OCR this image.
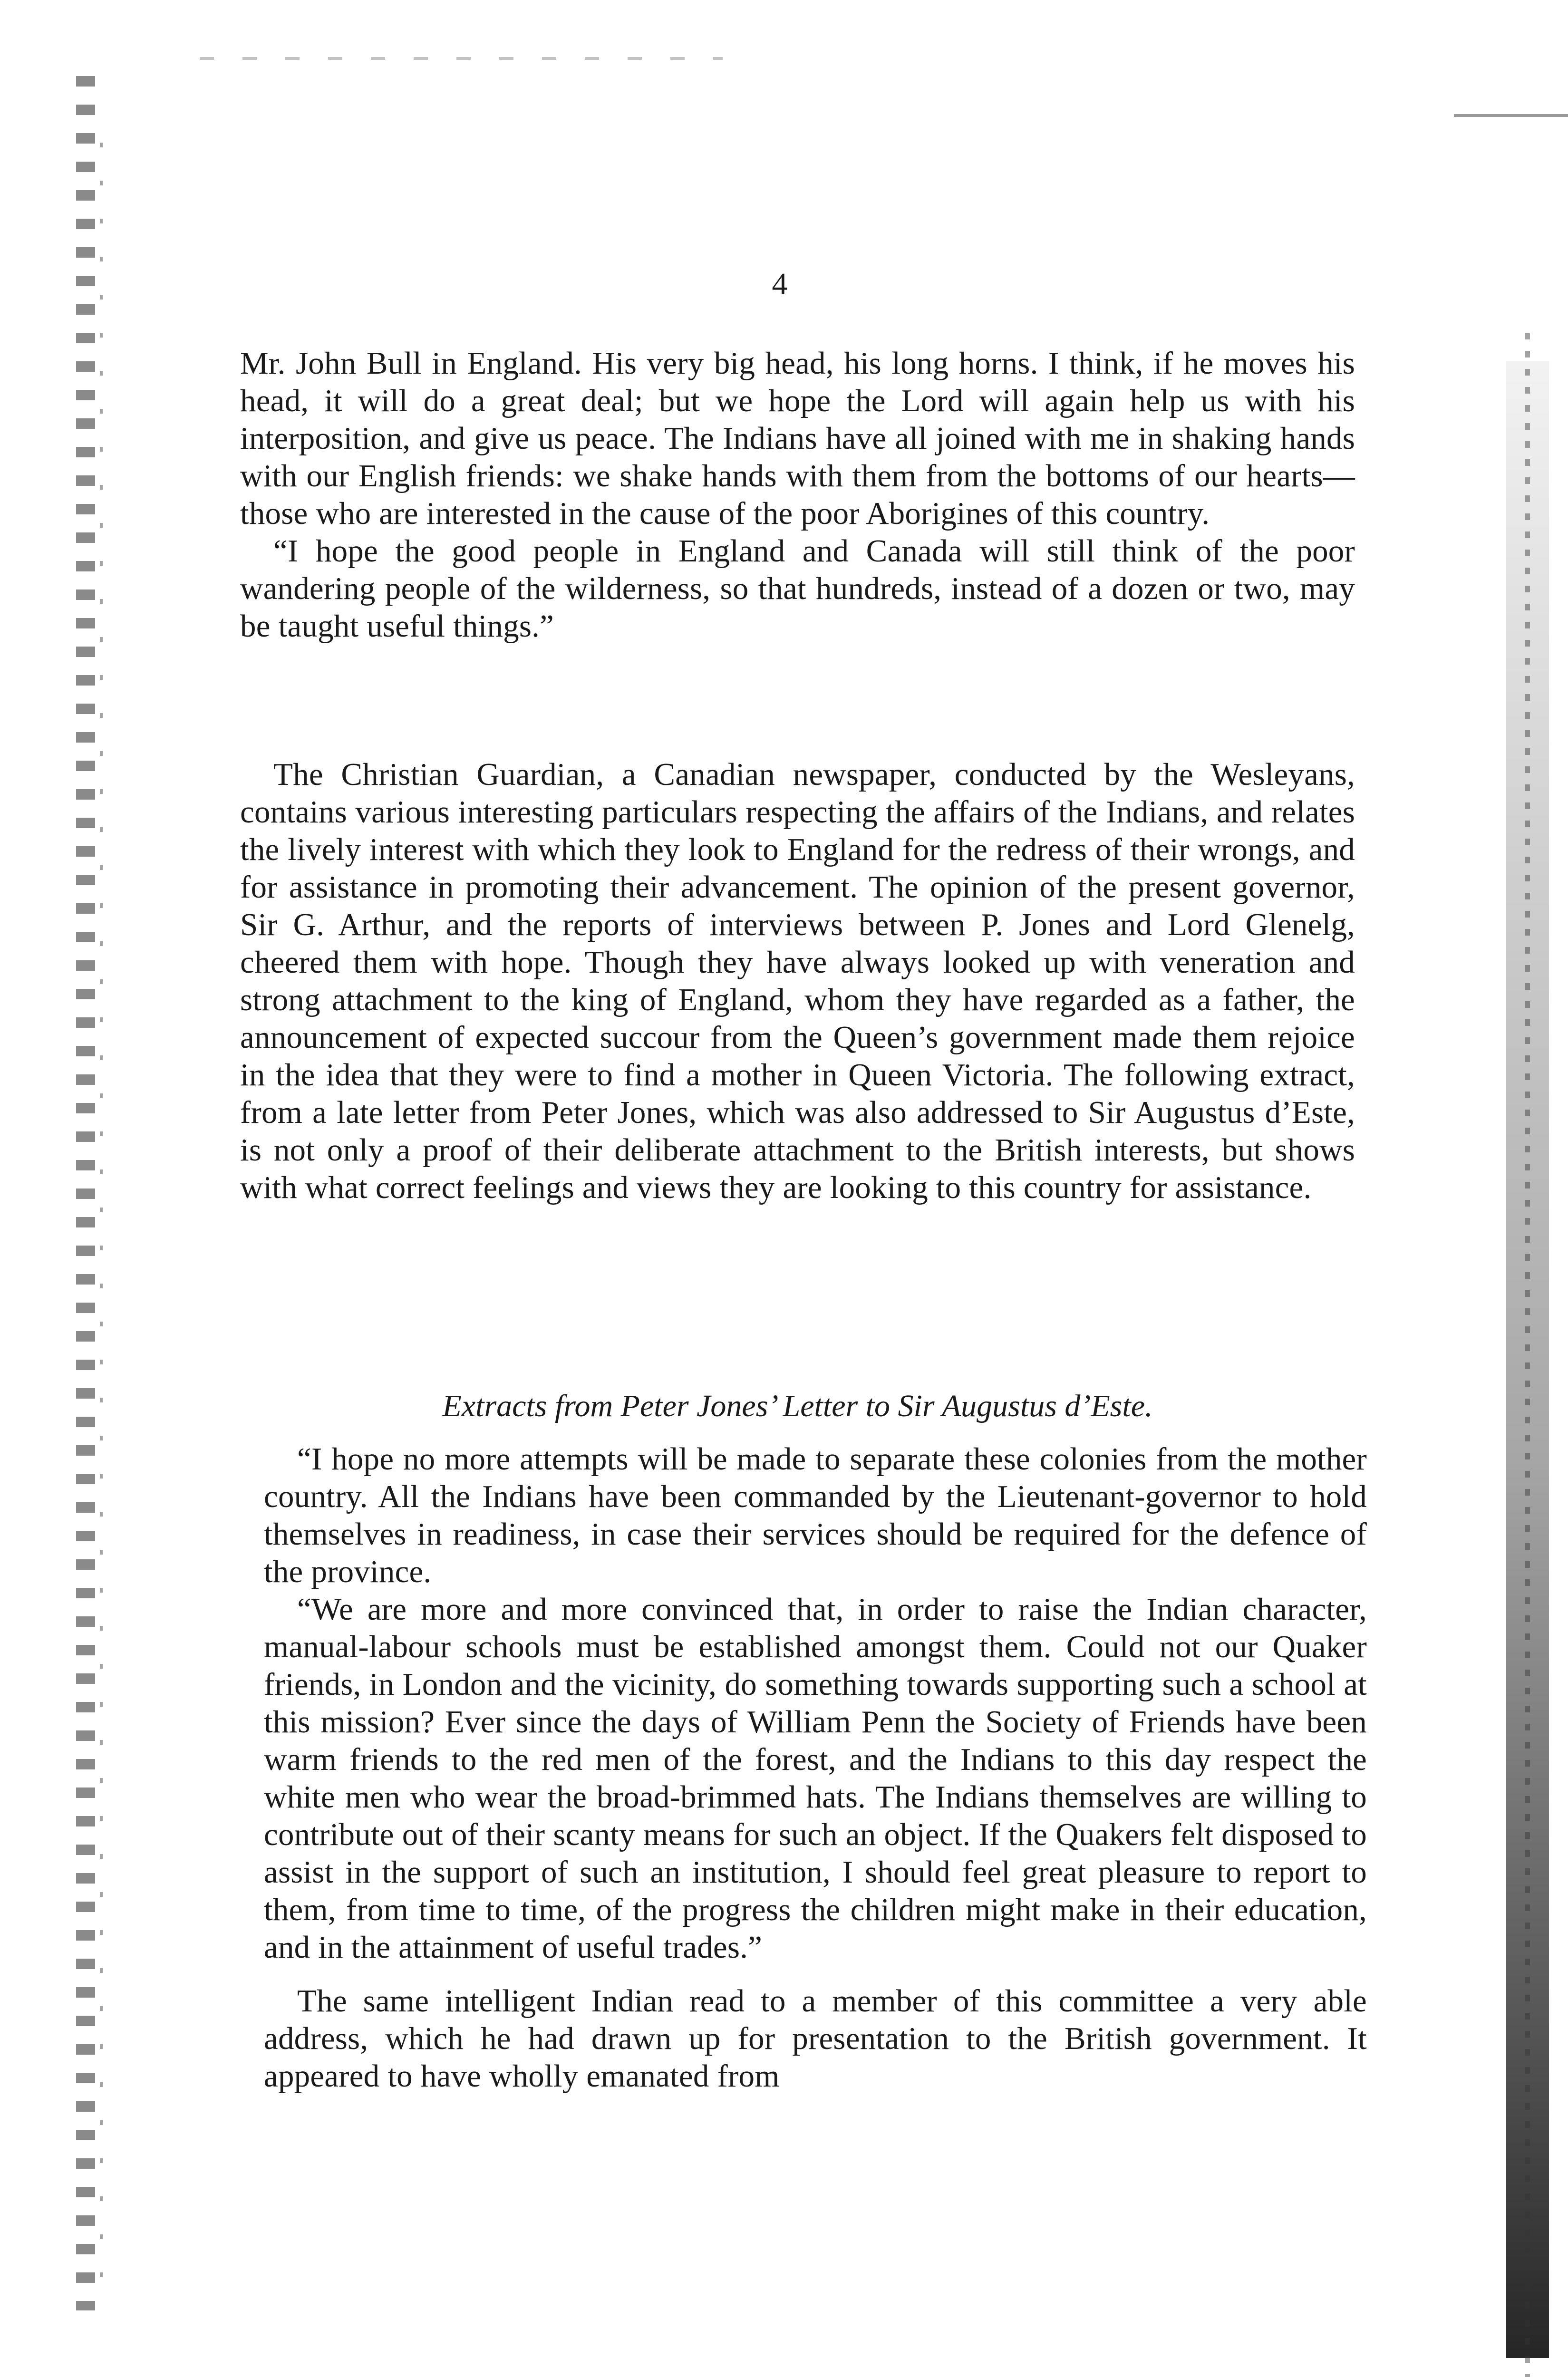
4

Mr. John Bull in England. His very big head, his long horns. I think, if he moves his head, it will do a great deal; but we hope the Lord will again help us with his interposition, and give us peace. The Indians have all joined with me in shaking hands with our English friends: we shake hands with them from the bottoms of our hearts—those who are interested in the cause of the poor Aborigines of this country.

“I hope the good people in England and Canada will still think of the poor wandering people of the wilderness, so that hundreds, instead of a dozen or two, may be taught useful things.”

The Christian Guardian, a Canadian newspaper, conducted by the Wesleyans, contains various interesting particulars respecting the affairs of the Indians, and relates the lively interest with which they look to England for the redress of their wrongs, and for assistance in promoting their advancement. The opinion of the present governor, Sir G. Arthur, and the reports of interviews between P. Jones and Lord Glenelg, cheered them with hope. Though they have always looked up with veneration and strong attachment to the king of England, whom they have regarded as a father, the announcement of expected succour from the Queen’s government made them rejoice in the idea that they were to find a mother in Queen Victoria. The following extract, from a late letter from Peter Jones, which was also addressed to Sir Augustus d’Este, is not only a proof of their deliberate attachment to the British interests, but shows with what correct feelings and views they are looking to this country for assistance.

Extracts from Peter Jones’ Letter to Sir Augustus d’Este.

“I hope no more attempts will be made to separate these colonies from the mother country. All the Indians have been commanded by the Lieutenant-governor to hold themselves in readiness, in case their services should be required for the defence of the province.

“We are more and more convinced that, in order to raise the Indian character, manual-labour schools must be established amongst them. Could not our Quaker friends, in London and the vicinity, do something towards supporting such a school at this mission? Ever since the days of William Penn the Society of Friends have been warm friends to the red men of the forest, and the Indians to this day respect the white men who wear the broad-brimmed hats. The Indians themselves are willing to contribute out of their scanty means for such an object. If the Quakers felt disposed to assist in the support of such an institution, I should feel great pleasure to report to them, from time to time, of the progress the children might make in their education, and in the attainment of useful trades.”

The same intelligent Indian read to a member of this committee a very able address, which he had drawn up for presentation to the British government. It appeared to have wholly emanated from
